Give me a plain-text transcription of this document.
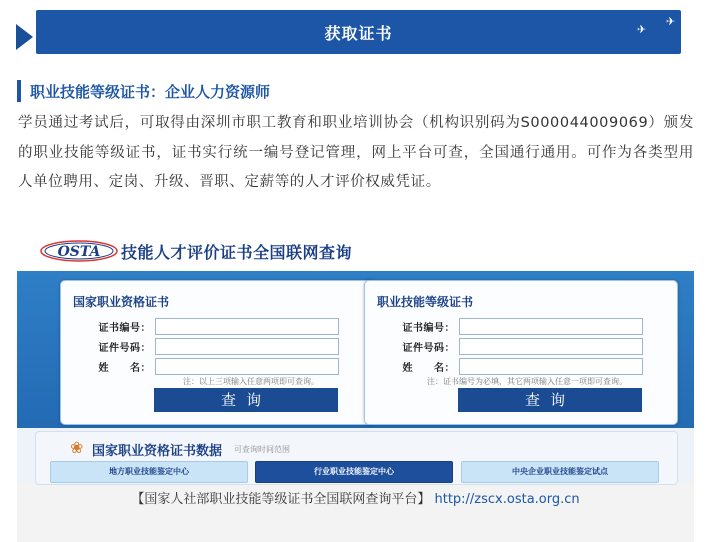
获取证书	✈
✈
职业技能等级证书：企业人力资源师
学员通过考试后，可取得由深圳市职工教育和职业培训协会（机构识别码为S000044009069）颁发的职业技能等级证书，证书实行统一编号登记管理，网上平台可查，全国通行通用。可作为各类型用人单位聘用、定岗、升级、晋职、定薪等的人才评价权威凭证。
OSTA 技能人才评价证书全国联网查询
国家职业资格证书
证书编号：
证件号码：
姓　　名：
注：以上三项输入任意两项即可查询。
查询
职业技能等级证书
证书编号：
证件号码：
姓　　名：
注：证书编号为必填，其它两项输入任意一项即可查询。
查询
❀ 国家职业资格证书数据 可查询时间范围
地方职业技能鉴定中心	行业职业技能鉴定中心	中央企业职业技能鉴定试点
【国家人社部职业技能等级证书全国联网查询平台】 http://zscx.osta.org.cn
